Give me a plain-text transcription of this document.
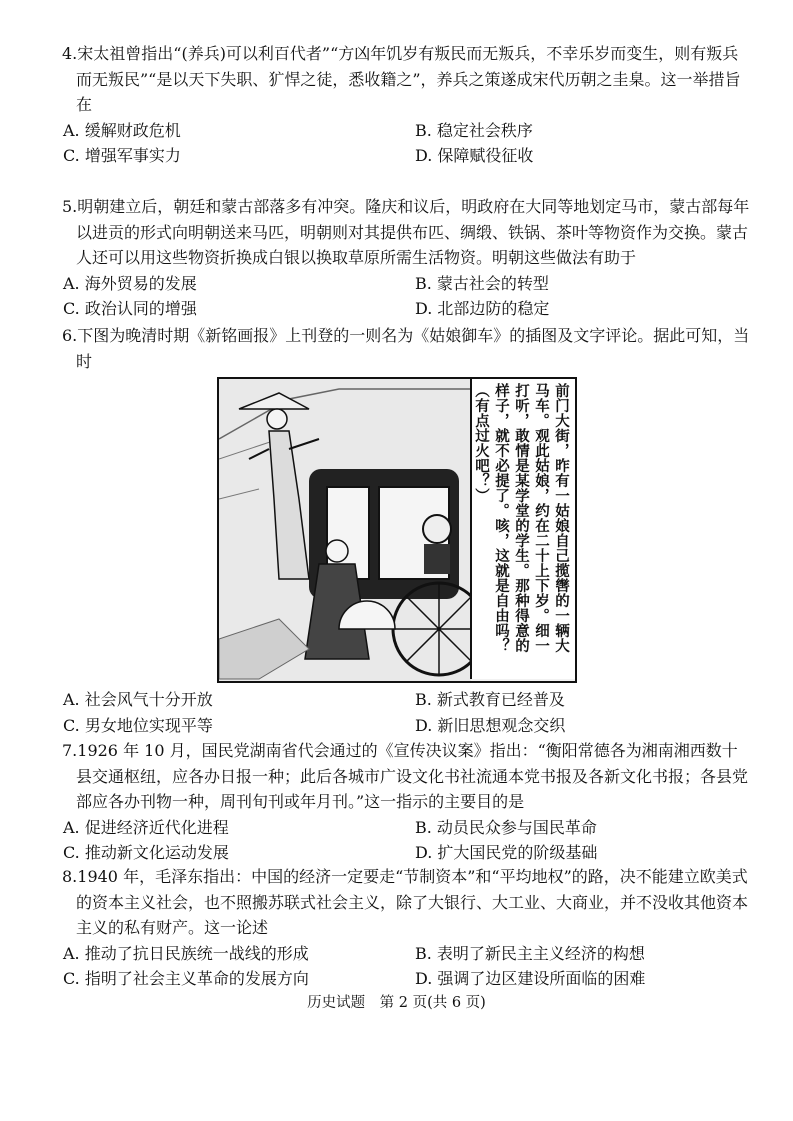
4.宋太祖曾指出“(养兵)可以利百代者”“方凶年饥岁有叛民而无叛兵，不幸乐岁而变生，则有叛兵而无叛民”“是以天下失职、犷悍之徒，悉收籍之”，养兵之策遂成宋代历朝之圭臬。这一举措旨在

A. 缓解财政危机	B. 稳定社会秩序
C. 增强军事实力	D. 保障赋役征收

5.明朝建立后，朝廷和蒙古部落多有冲突。隆庆和议后，明政府在大同等地划定马市，蒙古部每年以进贡的形式向明朝送来马匹，明朝则对其提供布匹、绸缎、铁锅、茶叶等物资作为交换。蒙古人还可以用这些物资折换成白银以换取草原所需生活物资。明朝这些做法有助于

A. 海外贸易的发展	B. 蒙古社会的转型
C. 政治认同的增强	D. 北部边防的稳定

6.下图为晚清时期《新铭画报》上刊登的一则名为《姑娘御车》的插图及文字评论。据此可知，当时

前门大街，昨有一姑娘自己揽辔的一辆大
马车。观此姑娘，约在二十上下岁。细一
打听，敢情是某学堂的学生。那种得意的
样子，就不必提了。咳，这就是自由吗？
（有点过火吧？）
A. 社会风气十分开放	B. 新式教育已经普及
C. 男女地位实现平等	D. 新旧思想观念交织

7.1926 年 10 月，国民党湖南省代会通过的《宣传决议案》指出：“衡阳常德各为湘南湘西数十县交通枢纽，应各办日报一种；此后各城市广设文化书社流通本党书报及各新文化书报；各县党部应各办刊物一种，周刊旬刊或年月刊。”这一指示的主要目的是

A. 促进经济近代化进程	B. 动员民众参与国民革命
C. 推动新文化运动发展	D. 扩大国民党的阶级基础

8.1940 年，毛泽东指出：中国的经济一定要走“节制资本”和“平均地权”的路，决不能建立欧美式的资本主义社会，也不照搬苏联式社会主义，除了大银行、大工业、大商业，并不没收其他资本主义的私有财产。这一论述

A. 推动了抗日民族统一战线的形成	B. 表明了新民主主义经济的构想
C. 指明了社会主义革命的发展方向	D. 强调了边区建设所面临的困难
历史试题　第 2 页(共 6 页)
